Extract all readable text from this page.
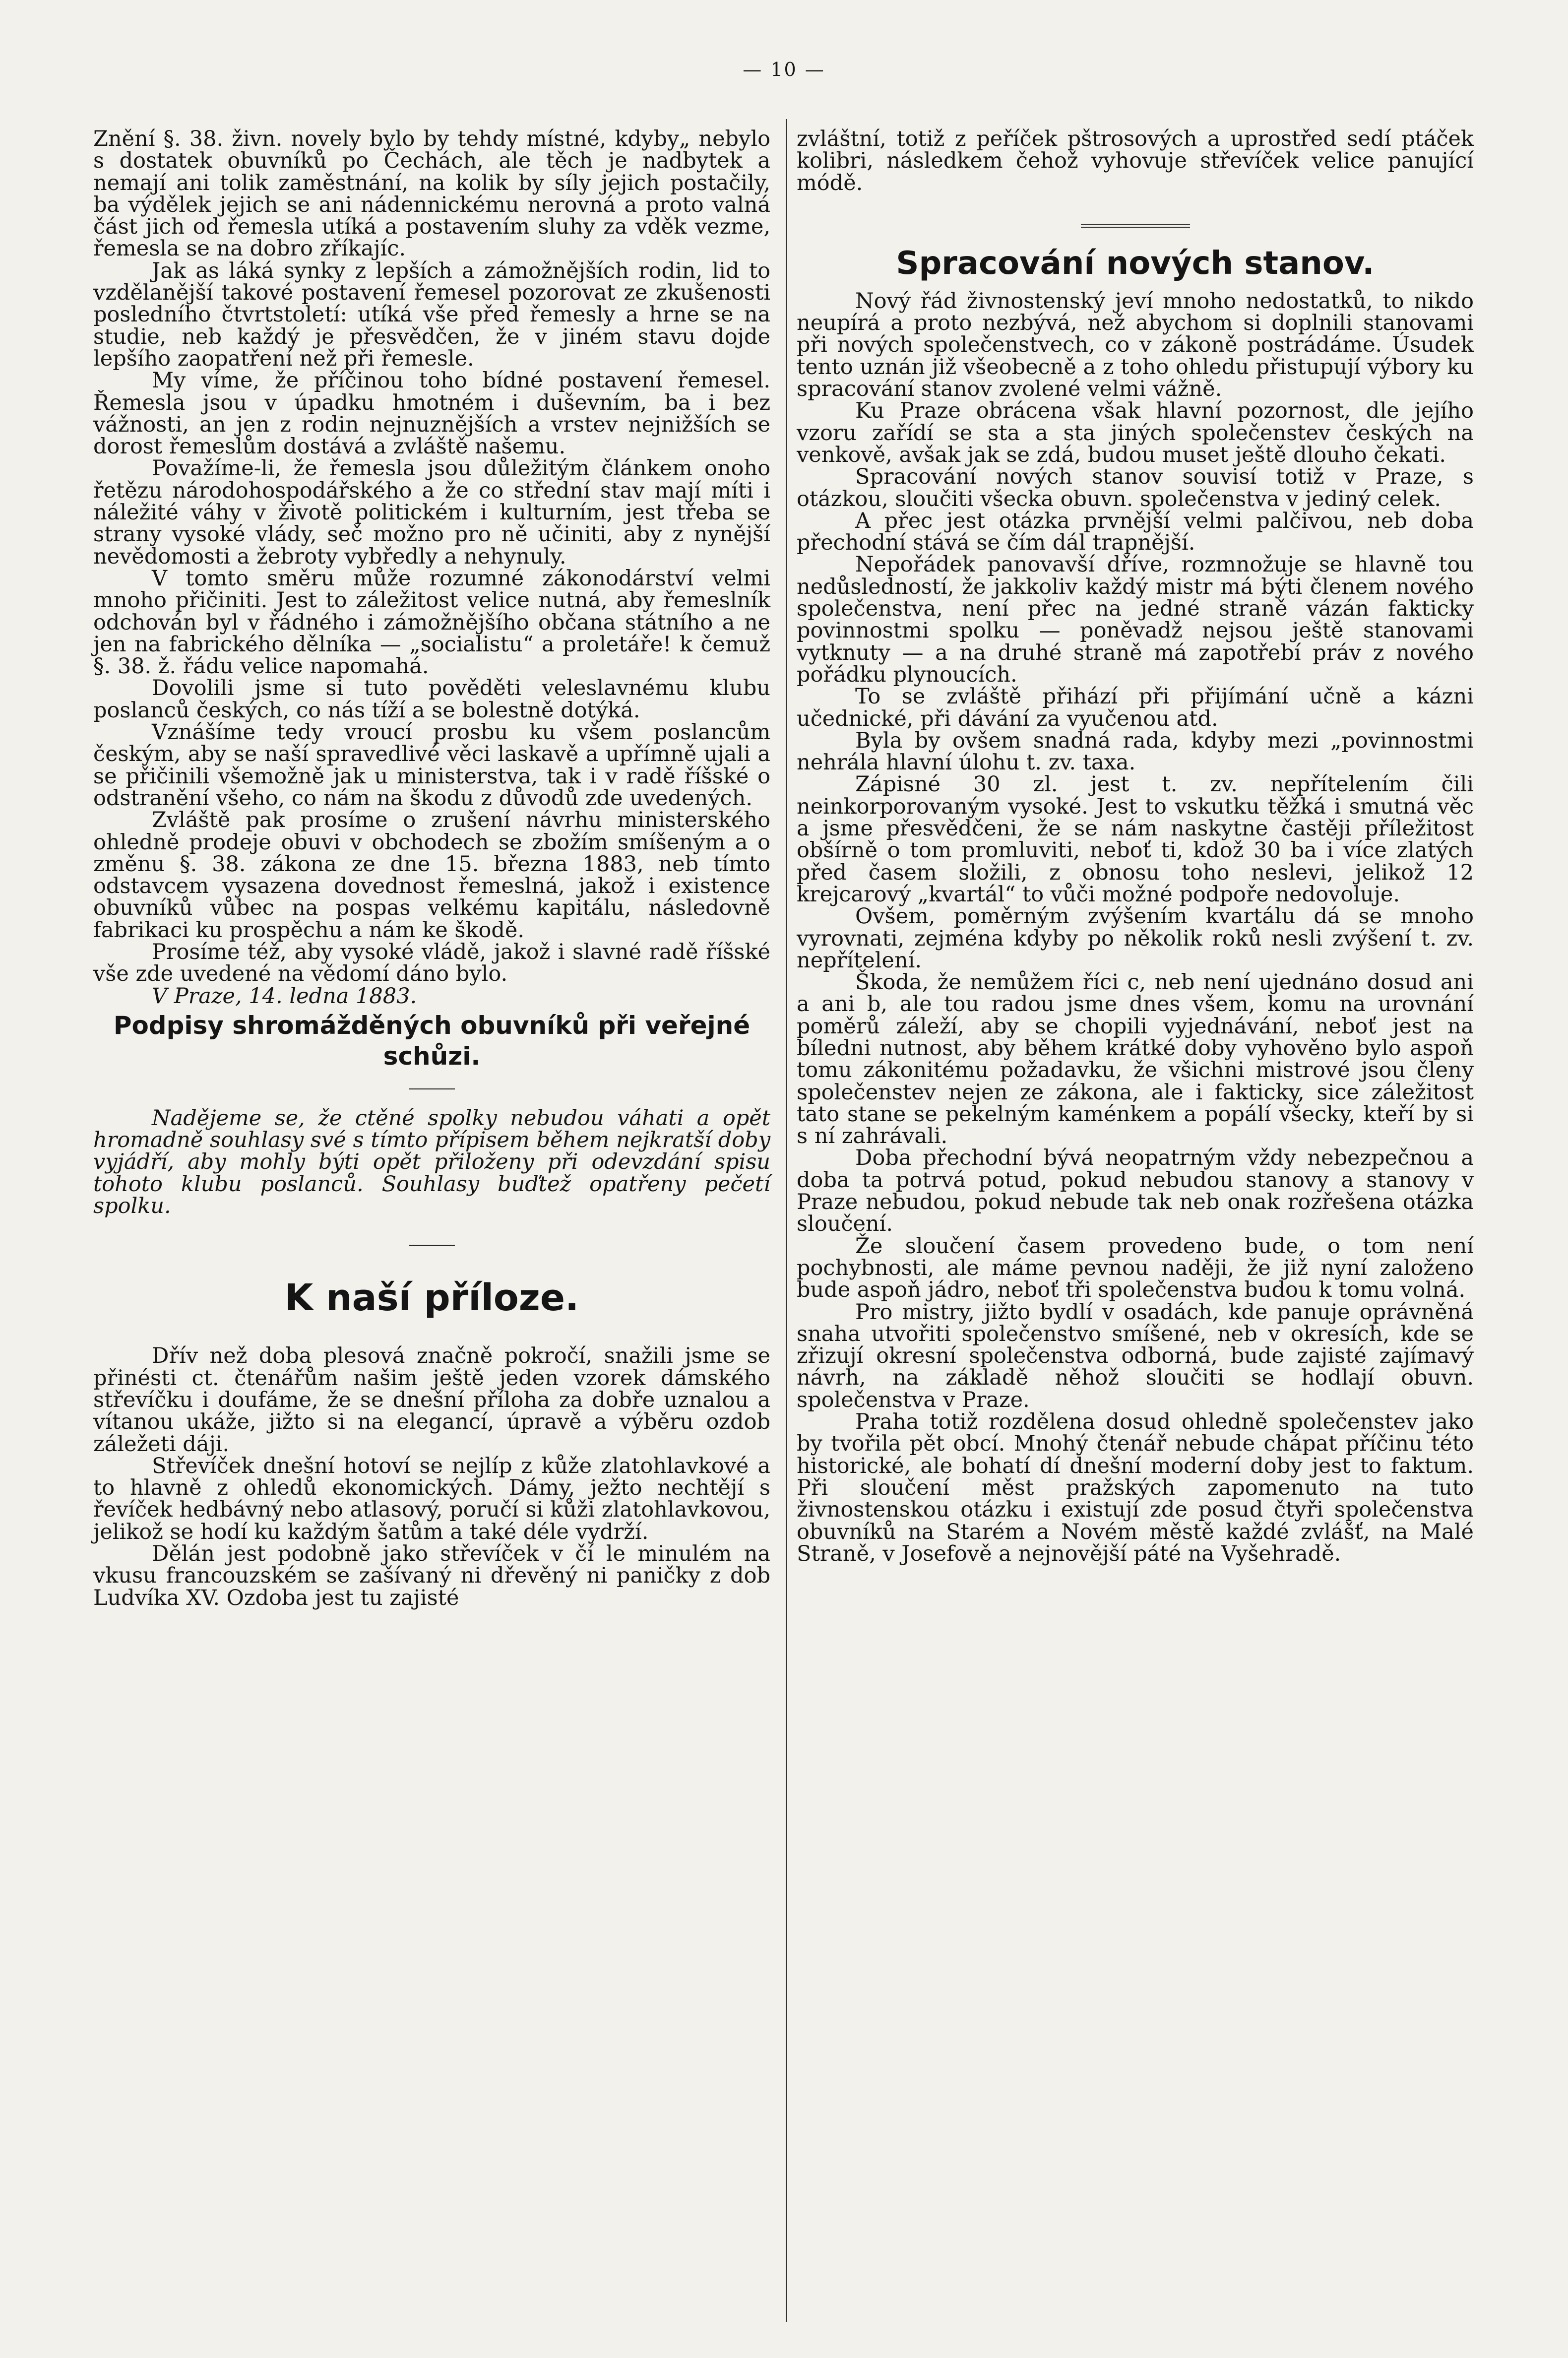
— 10 —

Znění §. 38. živn. novely bylo by tehdy místné, kdyby„ nebylo s dostatek obuvníků po Čechách, ale těch je nadbytek a nemají ani tolik zaměstnání, na kolik by síly jejich postačily, ba výdělek jejich se ani nádennickému nerovná a proto valná část jich od řemesla utíká a postavením sluhy za vděk vezme, řemesla se na dobro zříkajíc.

Jak as láká synky z lepších a zámožnějších rodin, lid to vzdělanější takové postavení řemesel pozorovat ze zkušenosti posledního čtvrtstoletí: utíká vše před řemesly a hrne se na studie, neb každý je přesvědčen, že v jiném stavu dojde lepšího zaopatření než při řemesle.

My víme, že příčinou toho bídné postavení řemesel. Řemesla jsou v úpadku hmotném i duševním, ba i bez vážnosti, an jen z rodin nejnuznějších a vrstev nejnižších se dorost řemeslům dostává a zvláště našemu.

Považíme-li, že řemesla jsou důležitým článkem onoho řetězu národohospodářského a že co střední stav mají míti i náležité váhy v životě politickém i kulturním, jest třeba se strany vysoké vlády, seč možno pro ně učiniti, aby z nynější nevědomosti a žebroty vybředly a nehynuly.

V tomto směru může rozumné zákonodárství velmi mnoho přičiniti. Jest to záležitost velice nutná, aby řemeslník odchován byl v řádného i zámožnějšího občana státního a ne jen na fabrického dělníka — „socialistu“ a proletáře! k čemuž §. 38. ž. řádu velice napomahá.

Dovolili jsme si tuto pověděti veleslavnému klubu poslanců českých, co nás tíží a se bolestně dotýká.

Vznášíme tedy vroucí prosbu ku všem poslancům českým, aby se naší spravedlivé věci laskavě a upřímně ujali a se přičinili všemožně jak u ministerstva, tak i v radě říšské o odstranění všeho, co nám na škodu z důvodů zde uvedených.

Zvláště pak prosíme o zrušení návrhu ministerského ohledně prodeje obuvi v obchodech se zbožím smíšeným a o změnu §. 38. zákona ze dne 15. března 1883, neb tímto odstavcem vysazena dovednost řemeslná, jakož i existence obuvníků vůbec na pospas velkému kapitálu, následovně fabrikaci ku prospěchu a nám ke škodě.

Prosíme též, aby vysoké vládě, jakož i slavné radě říšské vše zde uvedené na vědomí dáno bylo.

V Praze, 14. ledna 1883.

Podpisy shromážděných obuvníků při veřejné schůzi.

Nadějeme se, že ctěné spolky nebudou váhati a opět hromadně souhlasy své s tímto přípisem během nejkratší doby vyjádří, aby mohly býti opět přiloženy při odevzdání spisu tohoto klubu poslanců. Souhlasy buďtež opatřeny pečetí spolku.

K naší příloze.

Dřív než doba plesová značně pokročí, snažili jsme se přinésti ct. čtenářům našim ještě jeden vzorek dámského střevíčku i doufáme, že se dnešní příloha za dobře uznalou a vítanou ukáže, jižto si na elegancí, úpravě a výběru ozdob záležeti dáji.

Střevíček dnešní hotoví se nejlíp z kůže zlatohlavkové a to hlavně z ohledů ekonomických. Dámy, ježto nechtějí s řevíček hedbávný nebo atlasový, poručí si kůži zlatohlavkovou, jelikož se hodí ku každým šatům a také déle vydrží.

Dělán jest podobně jako střevíček v čí le minulém na vkusu francouzském se zašívaný ni dřevěný ni paničky z dob Ludvíka XV. Ozdoba jest tu zajisté

zvláštní, totiž z peříček pštrosových a uprostřed sedí ptáček kolibri, následkem čehož vyhovuje střevíček velice panující módě.

Spracování nových stanov.

Nový řád živnostenský jeví mnoho nedostatků, to nikdo neupírá a proto nezbývá, než abychom si doplnili stanovami při nových společenstvech, co v zákoně postrádáme. Úsudek tento uznán již všeobecně a z toho ohledu přistupují výbory ku spracování stanov zvolené velmi vážně.

Ku Praze obrácena však hlavní pozornost, dle jejího vzoru zařídí se sta a sta jiných společenstev českých na venkově, avšak jak se zdá, budou muset ještě dlouho čekati.

Spracování nových stanov souvisí totiž v Praze, s otázkou, sloučiti všecka obuvn. společenstva v jediný celek.

A přec jest otázka prvnější velmi palčivou, neb doba přechodní stává se čím dál trapnější.

Nepořádek panovavší dříve, rozmnožuje se hlavně tou nedůsledností, že jakkoliv každý mistr má býti členem nového společenstva, není přec na jedné straně vázán fakticky povinnostmi spolku — poněvadž nejsou ještě stanovami vytknuty — a na druhé straně má zapotřebí práv z nového pořádku plynoucích.

To se zvláště přihází při přijímání učně a kázni učednické, při dávání za vyučenou atd.

Byla by ovšem snadná rada, kdyby mezi „povinnostmi nehrála hlavní úlohu t. zv. taxa.

Zápisné 30 zl. jest t. zv. nepřítelením čili neinkorporovaným vysoké. Jest to vskutku těžká i smutná věc a jsme přesvědčeni, že se nám naskytne častěji příležitost obšírně o tom promluviti, neboť ti, kdož 30 ba i více zlatých před časem složili, z obnosu toho neslevi, jelikož 12 krejcarový „kvartál“ to vůči možné podpoře nedovoluje.

Ovšem, poměrným zvýšením kvartálu dá se mnoho vyrovnati, zejména kdyby po několik roků nesli zvýšení t. zv. nepřítelení.

Škoda, že nemůžem říci c, neb není ujednáno dosud ani a ani b, ale tou radou jsme dnes všem, komu na urovnání poměrů záleží, aby se chopili vyjednávání, neboť jest na bíledni nutnost, aby během krátké doby vyhověno bylo aspoň tomu zákonitému požadavku, že všichni mistrové jsou členy společenstev nejen ze zákona, ale i fakticky, sice záležitost tato stane se pekelným kaménkem a popálí všecky, kteří by si s ní zahrávali.

Doba přechodní bývá neopatrným vždy nebezpečnou a doba ta potrvá potud, pokud nebudou stanovy a stanovy v Praze nebudou, pokud nebude tak neb onak rozřešena otázka sloučení.

Že sloučení časem provedeno bude, o tom není pochybnosti, ale máme pevnou naději, že již nyní založeno bude aspoň jádro, neboť tři společenstva budou k tomu volná.

Pro mistry, jižto bydlí v osadách, kde panuje oprávněná snaha utvořiti společenstvo smíšené, neb v okresích, kde se zřizují okresní společenstva odborná, bude zajisté zajímavý návrh, na základě něhož sloučiti se hodlají obuvn. společenstva v Praze.

Praha totiž rozdělena dosud ohledně společenstev jako by tvořila pět obcí. Mnohý čtenář nebude chápat příčinu této historické, ale bohatí dí dnešní moderní doby jest to faktum. Při sloučení měst pražských zapomenuto na tuto živnostenskou otázku i existují zde posud čtyři společenstva obuvníků na Starém a Novém městě každé zvlášť, na Malé Straně, v Josefově a nejnovější páté na Vyšehradě.
